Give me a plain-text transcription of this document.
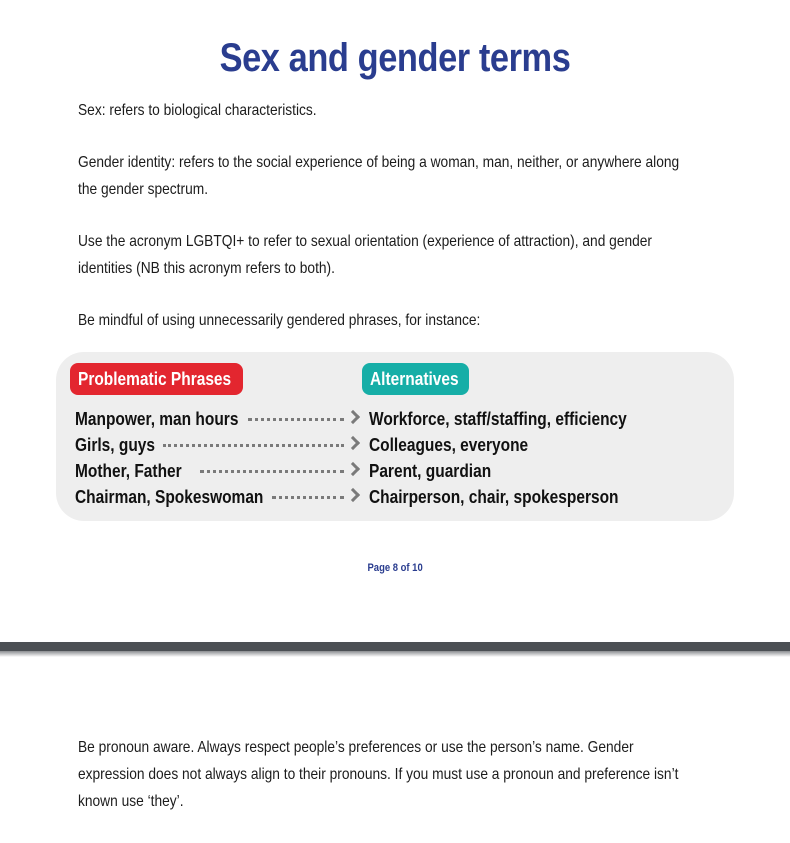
Sex and gender terms
Sex: refers to biological characteristics.
Gender identity: refers to the social experience of being a woman, man, neither, or anywhere along
the gender spectrum.
Use the acronym LGBTQI+ to refer to sexual orientation (experience of attraction), and gender
identities (NB this acronym refers to both).
Be mindful of using unnecessarily gendered phrases, for instance:
Problematic Phrases	Alternatives
Manpower, man hours	Workforce, staff/staffing, efficiency
Girls, guys	Colleagues, everyone
Mother, Father	Parent, guardian
Chairman, Spokeswoman	Chairperson, chair, spokesperson
Page 8 of 10
Be pronoun aware. Always respect people’s preferences or use the person’s name. Gender
expression does not always align to their pronouns. If you must use a pronoun and preference isn’t
known use ‘they’.
